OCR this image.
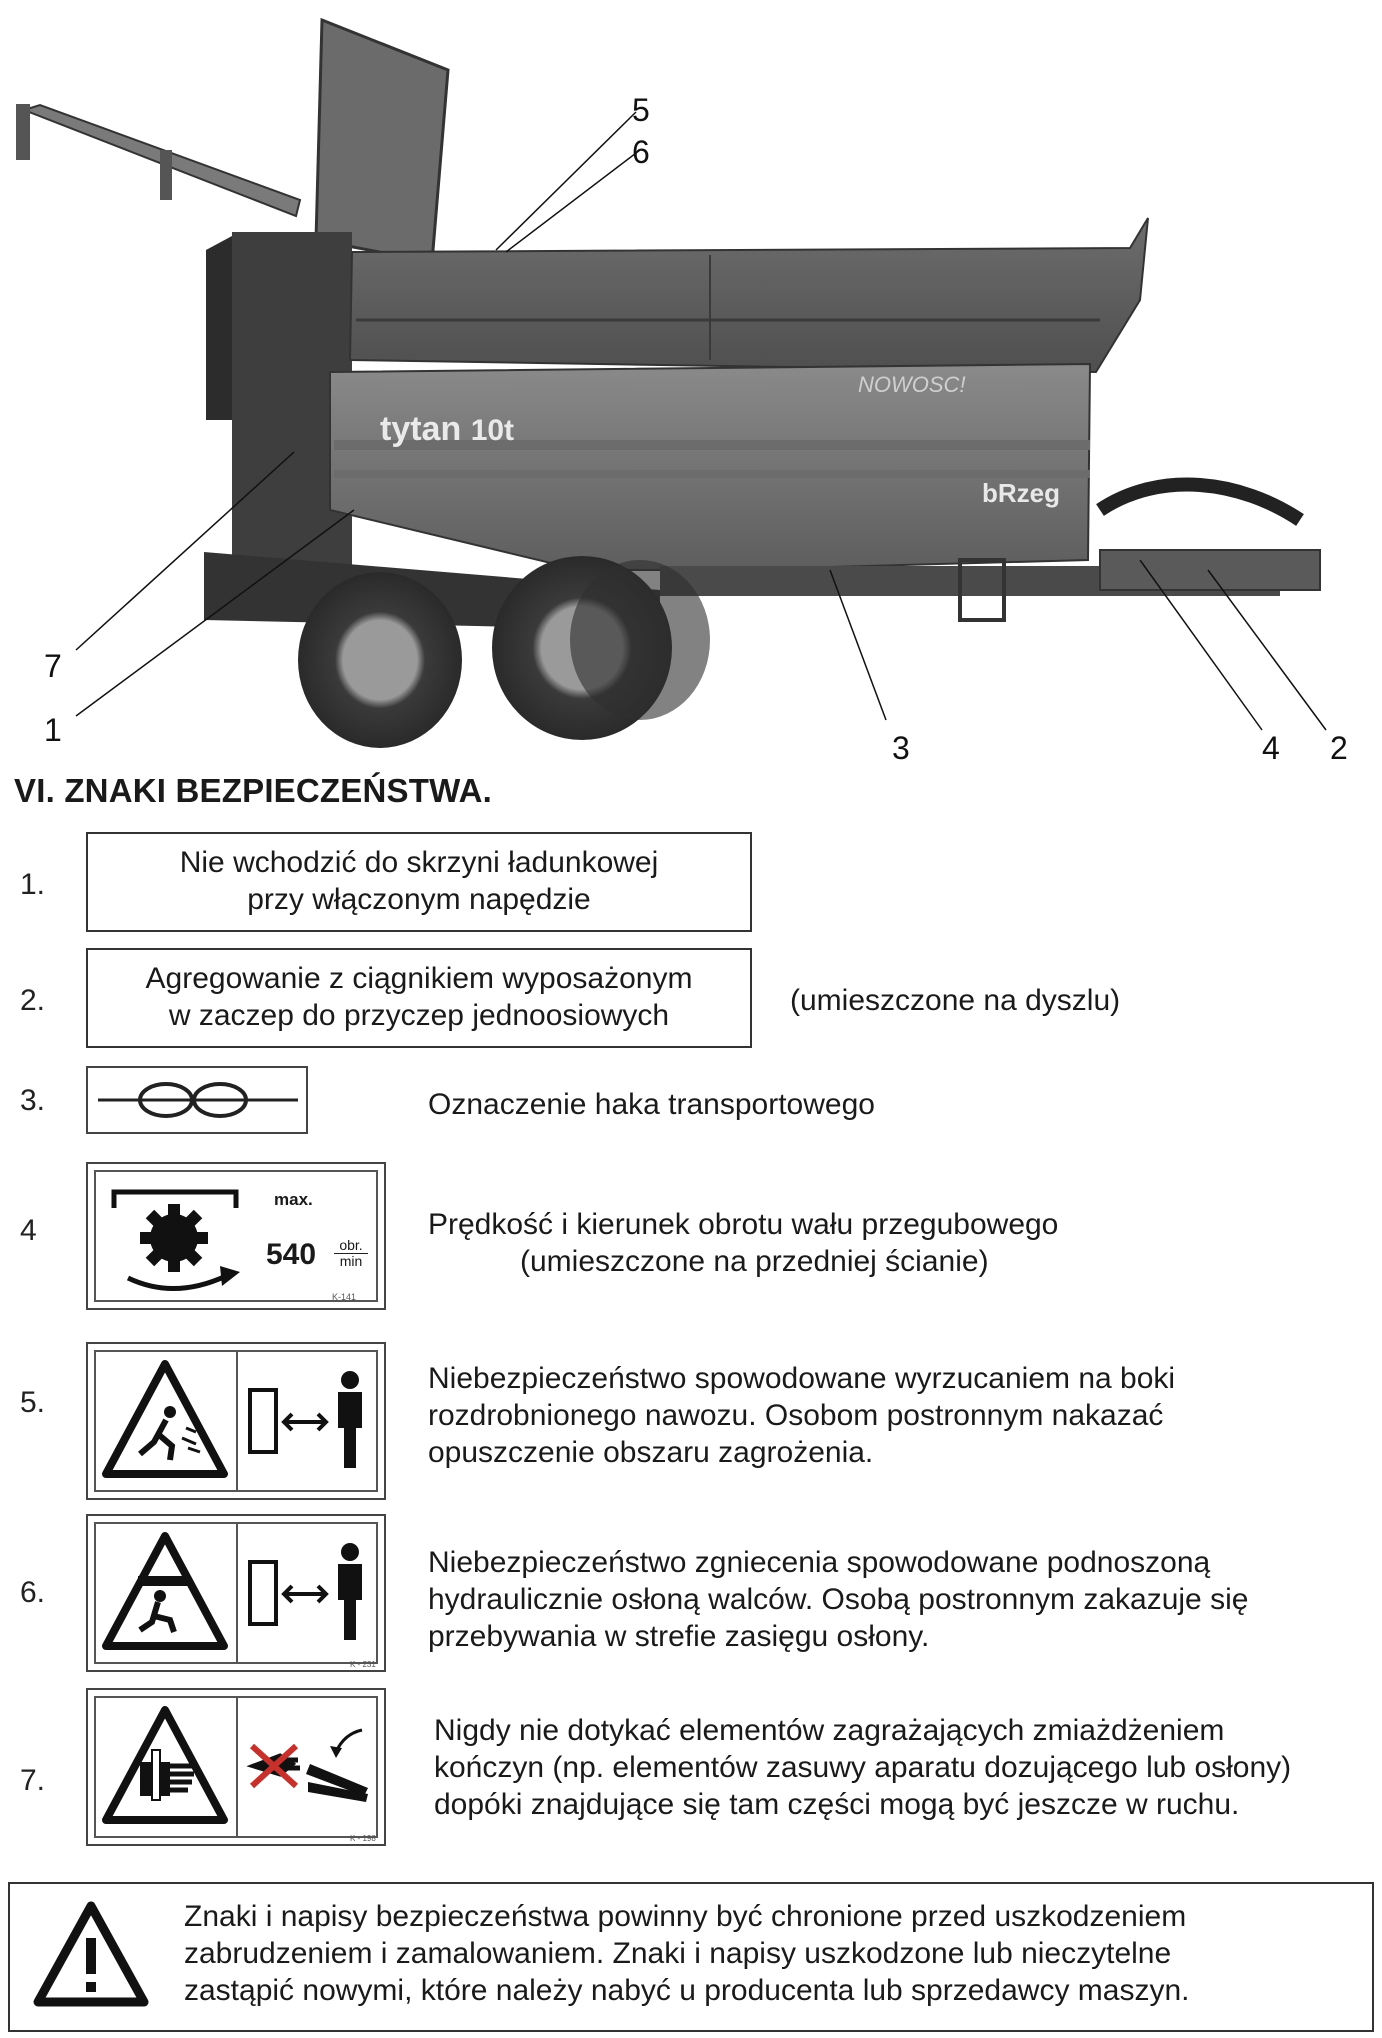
tytan 10t
bRzeg
NOWOSC!
5
6
7
1	3	4 2
VI. ZNAKI BEZPIECZEŃSTWA.
1.
Nie wchodzić do skrzyni ładunkowej
przy włączonym napędzie
2.
Agregowanie z ciągnikiem wyposażonym
w zaczep do przyczep jednoosiowych	(umieszczone na dyszlu)
3.	Oznaczenie haka transportowego
4
max.
540	obr.
min
K-141
Prędkość i kierunek obrotu wału przegubowego
(umieszczone na przedniej ścianie)
5.
Niebezpieczeństwo spowodowane wyrzucaniem na boki
rozdrobnionego nawozu. Osobom postronnym nakazać
opuszczenie obszaru zagrożenia.
6.
K - 231
Niebezpieczeństwo zgniecenia spowodowane podnoszoną
hydraulicznie osłoną walców. Osobą postronnym zakazuje się
przebywania w strefie zasięgu osłony.
7.
K - 198
Nigdy nie dotykać elementów zagrażających zmiażdżeniem
kończyn (np. elementów zasuwy aparatu dozującego lub osłony)
dopóki znajdujące się tam części mogą być jeszcze w ruchu.
Znaki i napisy bezpieczeństwa powinny być chronione przed uszkodzeniem
zabrudzeniem i zamalowaniem. Znaki i napisy uszkodzone lub nieczytelne
zastąpić nowymi, które należy nabyć u producenta lub sprzedawcy maszyn.
